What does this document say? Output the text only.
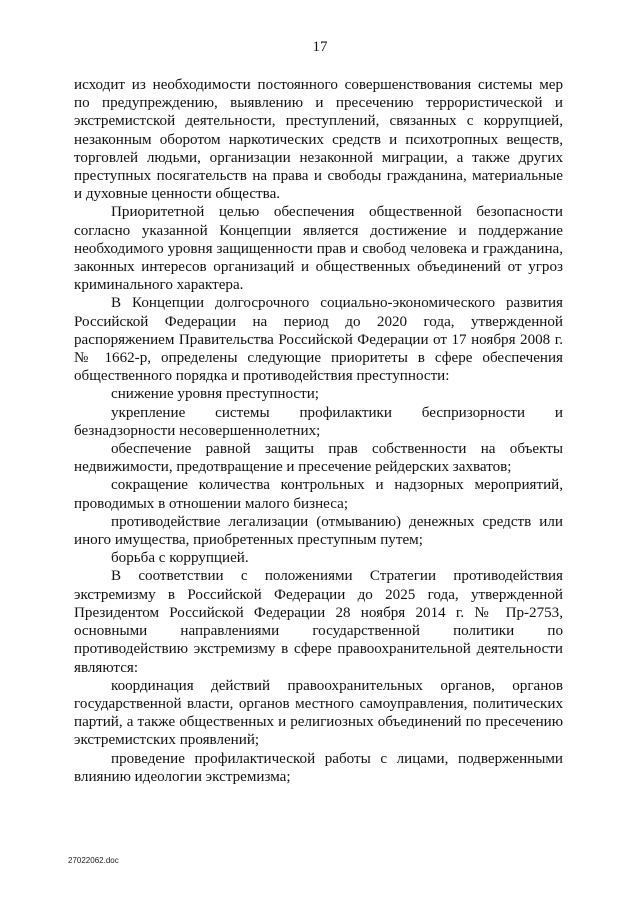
17

исходит из необходимости постоянного совершенствования системы мер по предупреждению, выявлению и пресечению террористической и экстремистской деятельности, преступлений, связанных с коррупцией, незаконным оборотом наркотических средств и психотропных веществ, торговлей людьми, организации незаконной миграции, а также других преступных посягательств на права и свободы гражданина, материальные и духовные ценности общества.

Приоритетной целью обеспечения общественной безопасности согласно указанной Концепции является достижение и поддержание необходимого уровня защищенности прав и свобод человека и гражданина, законных интересов организаций и общественных объединений от угроз криминального характера.

В Концепции долгосрочного социально-экономического развития Российской Федерации на период до 2020 года, утвержденной распоряжением Правительства Российской Федерации от 17 ноября 2008 г. № 1662-р, определены следующие приоритеты в сфере обеспечения общественного порядка и противодействия преступности:

снижение уровня преступности;

укрепление системы профилактики беспризорности и безнадзорности несовершеннолетних;

обеспечение равной защиты прав собственности на объекты недвижимости, предотвращение и пресечение рейдерских захватов;

сокращение количества контрольных и надзорных мероприятий, проводимых в отношении малого бизнеса;

противодействие легализации (отмыванию) денежных средств или иного имущества, приобретенных преступным путем;

борьба с коррупцией.

В соответствии с положениями Стратегии противодействия экстремизму в Российской Федерации до 2025 года, утвержденной Президентом Российской Федерации 28 ноября 2014 г. № Пр-2753, основными направлениями государственной политики по противодействию экстремизму в сфере правоохранительной деятельности являются:

координация действий правоохранительных органов, органов государственной власти, органов местного самоуправления, политических партий, а также общественных и религиозных объединений по пресечению экстремистских проявлений;

проведение профилактической работы с лицами, подверженными влиянию идеологии экстремизма;

27022062.doc
